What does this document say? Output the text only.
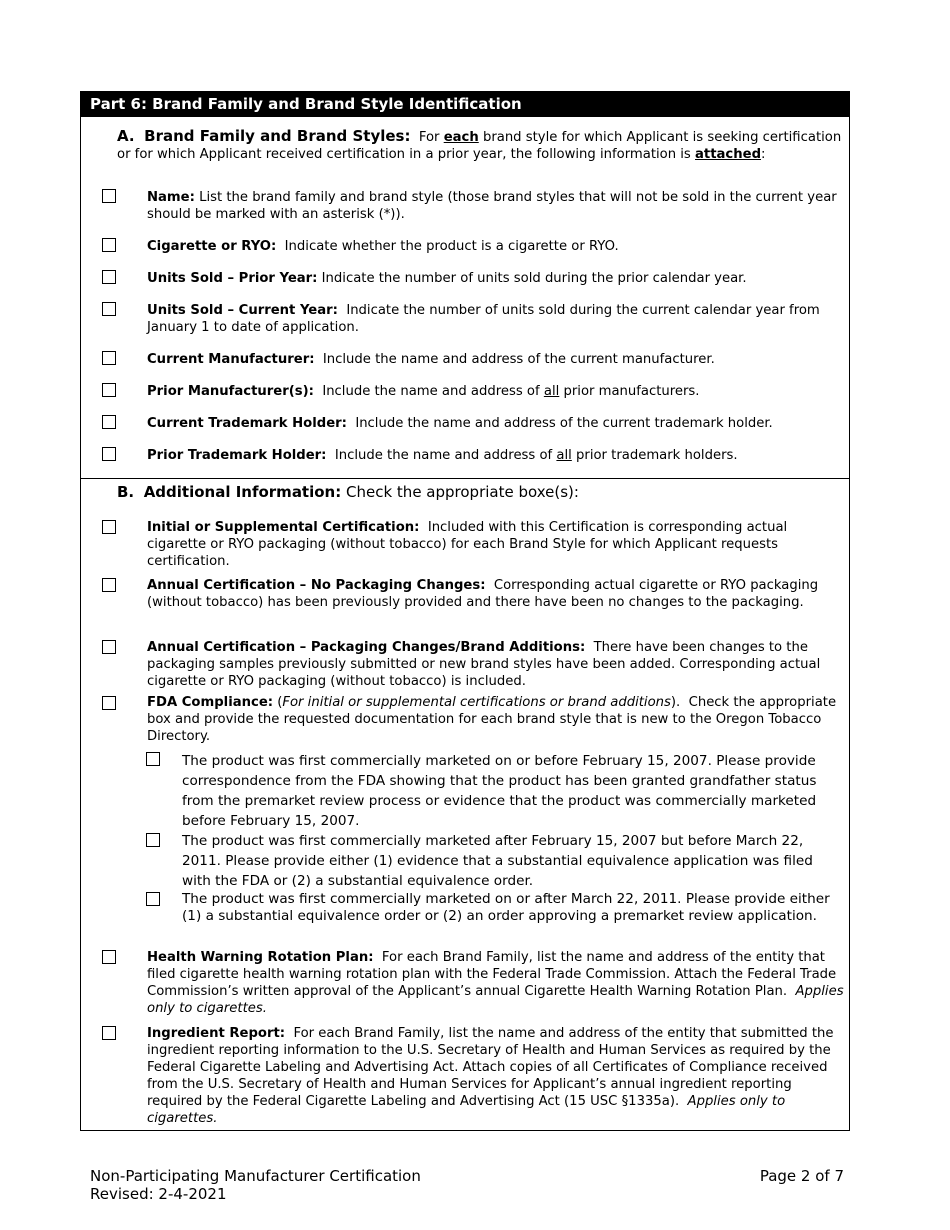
Part 6: Brand Family and Brand Style Identification
A. Brand Family and Brand Styles: For each brand style for which Applicant is seeking certification or for which Applicant received certification in a prior year, the following information is attached:
Name: List the brand family and brand style (those brand styles that will not be sold in the current year should be marked with an asterisk (*)).
Cigarette or RYO: Indicate whether the product is a cigarette or RYO.
Units Sold – Prior Year: Indicate the number of units sold during the prior calendar year.
Units Sold – Current Year: Indicate the number of units sold during the current calendar year from January 1 to date of application.
Current Manufacturer: Include the name and address of the current manufacturer.
Prior Manufacturer(s): Include the name and address of all prior manufacturers.
Current Trademark Holder: Include the name and address of the current trademark holder.
Prior Trademark Holder: Include the name and address of all prior trademark holders.
B. Additional Information: Check the appropriate boxe(s):
Initial or Supplemental Certification: Included with this Certification is corresponding actual cigarette or RYO packaging (without tobacco) for each Brand Style for which Applicant requests certification.
Annual Certification – No Packaging Changes: Corresponding actual cigarette or RYO packaging (without tobacco) has been previously provided and there have been no changes to the packaging.
Annual Certification – Packaging Changes/Brand Additions: There have been changes to the packaging samples previously submitted or new brand styles have been added. Corresponding actual cigarette or RYO packaging (without tobacco) is included.
FDA Compliance: (For initial or supplemental certifications or brand additions). Check the appropriate box and provide the requested documentation for each brand style that is new to the Oregon Tobacco Directory.
The product was first commercially marketed on or before February 15, 2007. Please provide correspondence from the FDA showing that the product has been granted grandfather status from the premarket review process or evidence that the product was commercially marketed before February 15, 2007.
The product was first commercially marketed after February 15, 2007 but before March 22, 2011. Please provide either (1) evidence that a substantial equivalence application was filed with the FDA or (2) a substantial equivalence order.
The product was first commercially marketed on or after March 22, 2011. Please provide either (1) a substantial equivalence order or (2) an order approving a premarket review application.
Health Warning Rotation Plan: For each Brand Family, list the name and address of the entity that filed cigarette health warning rotation plan with the Federal Trade Commission. Attach the Federal Trade Commission’s written approval of the Applicant’s annual Cigarette Health Warning Rotation Plan. Applies only to cigarettes.
Ingredient Report: For each Brand Family, list the name and address of the entity that submitted the ingredient reporting information to the U.S. Secretary of Health and Human Services as required by the Federal Cigarette Labeling and Advertising Act. Attach copies of all Certificates of Compliance received from the U.S. Secretary of Health and Human Services for Applicant’s annual ingredient reporting required by the Federal Cigarette Labeling and Advertising Act (15 USC §1335a). Applies only to cigarettes.
Non-Participating Manufacturer Certification
Revised: 2-4-2021
Page 2 of 7
